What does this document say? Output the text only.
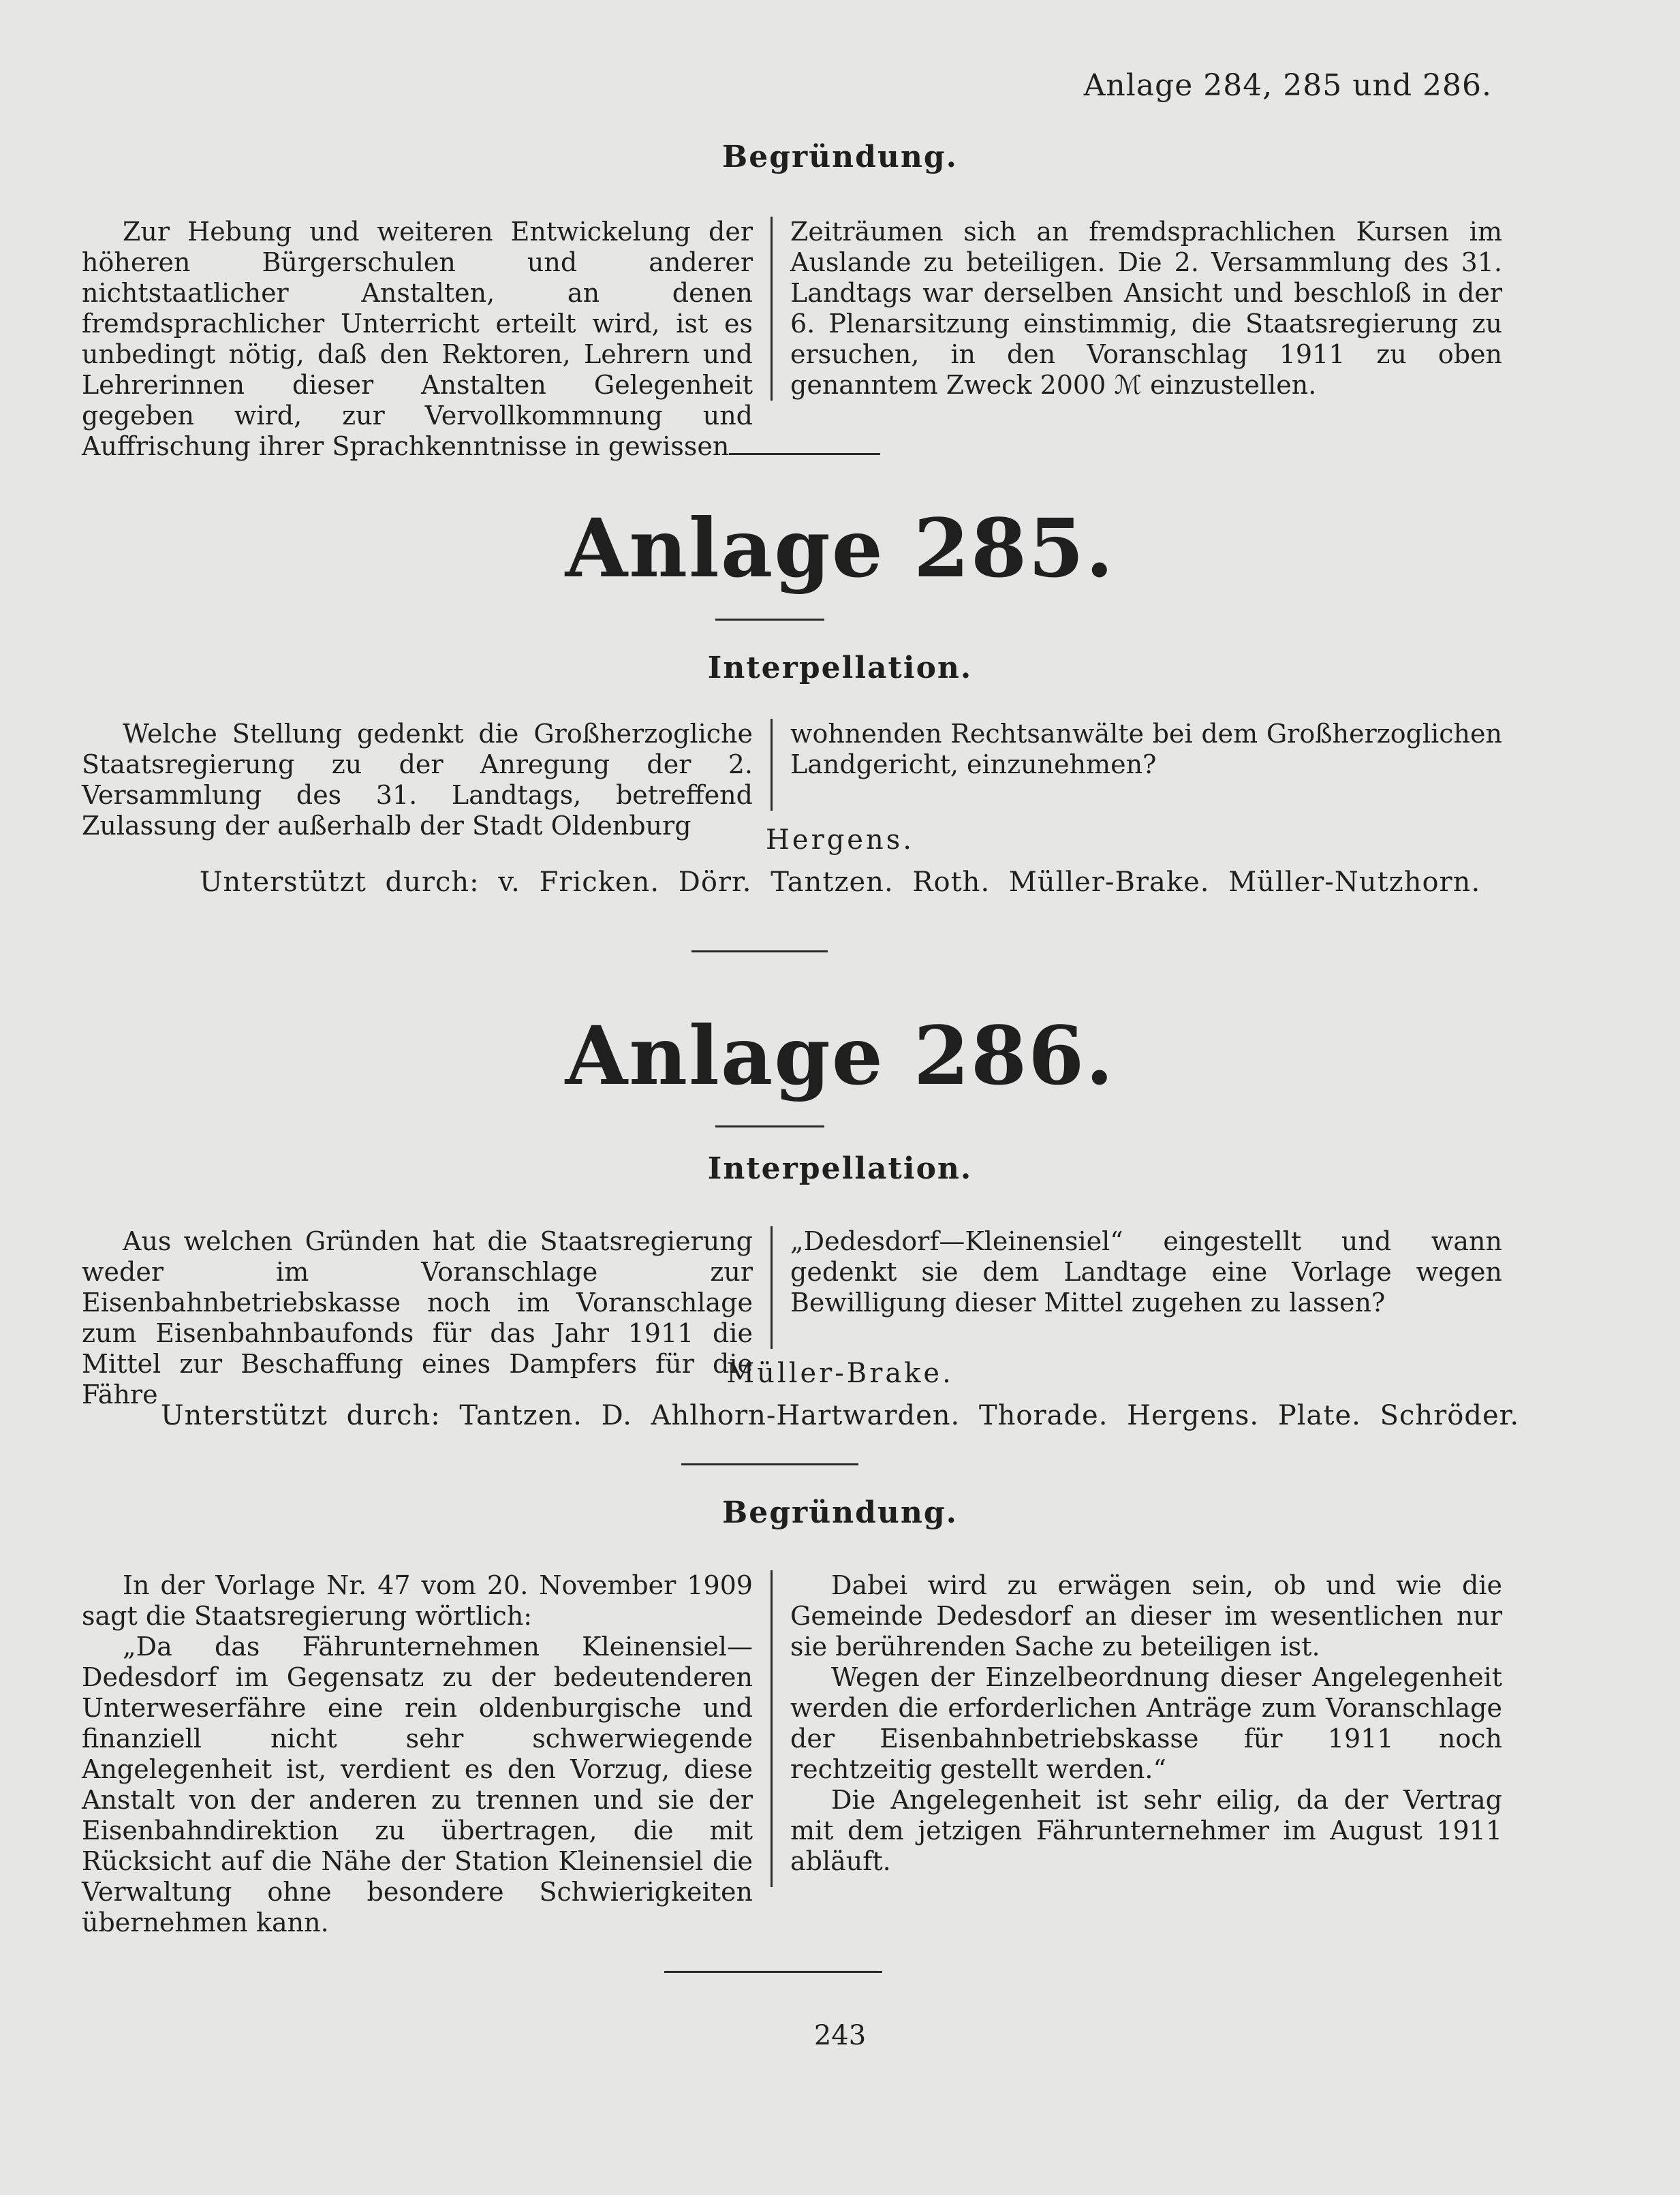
Anlage 284, 285 und 286.
Begründung.

Zur Hebung und weiteren Entwickelung der höheren Bürgerschulen und anderer nichtstaatlicher Anstalten, an denen fremdsprachlicher Unterricht erteilt wird, ist es unbedingt nötig, daß den Rektoren, Lehrern und Lehrerinnen dieser Anstalten Gelegenheit gegeben wird, zur Vervollkommnung und Auffrischung ihrer Sprachkenntnisse in gewissen

Zeiträumen sich an fremdsprachlichen Kursen im Auslande zu beteiligen. Die 2. Versammlung des 31. Landtags war derselben Ansicht und beschloß in der 6. Plenarsitzung einstimmig, die Staatsregierung zu ersuchen, in den Voranschlag 1911 zu oben genanntem Zweck 2000 ℳ einzustellen.

Anlage 285.
Interpellation.

Welche Stellung gedenkt die Großherzogliche Staatsregierung zu der Anregung der 2. Versammlung des 31. Landtags, betreffend Zulassung der außerhalb der Stadt Oldenburg

wohnenden Rechtsanwälte bei dem Großherzoglichen Landgericht, einzunehmen?

Hergens.
Unterstützt durch: v. Fricken. Dörr. Tantzen. Roth. Müller-Brake. Müller-Nutzhorn.
Anlage 286.
Interpellation.

Aus welchen Gründen hat die Staatsregierung weder im Voranschlage zur Eisenbahnbetriebskasse noch im Voranschlage zum Eisenbahnbaufonds für das Jahr 1911 die Mittel zur Beschaffung eines Dampfers für die Fähre

„Dedesdorf—Kleinensiel“ eingestellt und wann gedenkt sie dem Landtage eine Vorlage wegen Bewilligung dieser Mittel zugehen zu lassen?

Müller-Brake.
Unterstützt durch: Tantzen. D. Ahlhorn-Hartwarden. Thorade. Hergens. Plate. Schröder.
Begründung.

In der Vorlage Nr. 47 vom 20. November 1909 sagt die Staatsregierung wörtlich:

„Da das Fährunternehmen Kleinensiel—Dedesdorf im Gegensatz zu der bedeutenderen Unterweserfähre eine rein oldenburgische und finanziell nicht sehr schwerwiegende Angelegenheit ist, verdient es den Vorzug, diese Anstalt von der anderen zu trennen und sie der Eisenbahndirektion zu übertragen, die mit Rücksicht auf die Nähe der Station Kleinensiel die Verwaltung ohne besondere Schwierigkeiten übernehmen kann.

Dabei wird zu erwägen sein, ob und wie die Gemeinde Dedesdorf an dieser im wesentlichen nur sie berührenden Sache zu beteiligen ist.

Wegen der Einzelbeordnung dieser Angelegenheit werden die erforderlichen Anträge zum Voranschlage der Eisenbahnbetriebskasse für 1911 noch rechtzeitig gestellt werden.“

Die Angelegenheit ist sehr eilig, da der Vertrag mit dem jetzigen Fährunternehmer im August 1911 abläuft.

243
